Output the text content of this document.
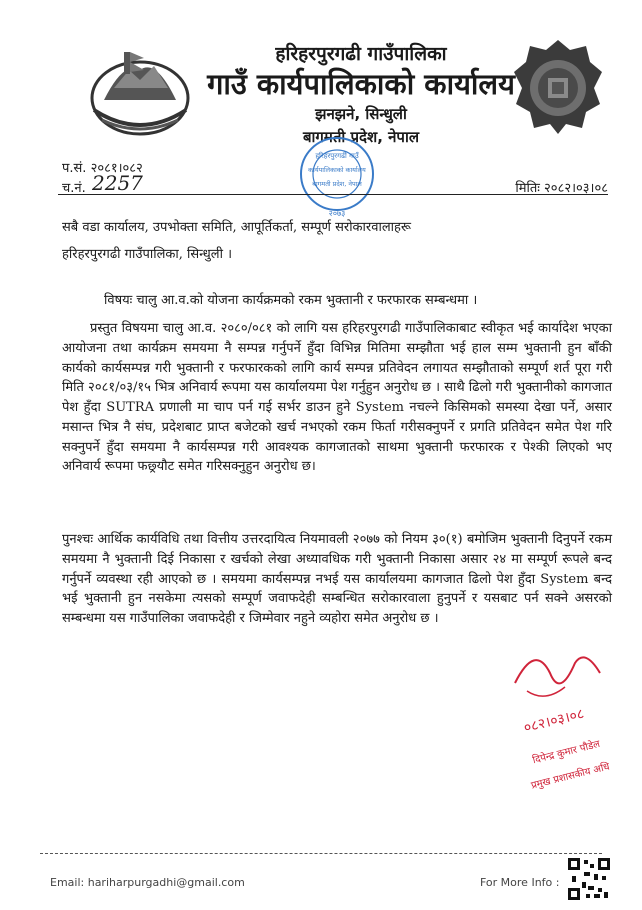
हरिहरपुरगढी गाउँपालिका
गाउँ कार्यपालिकाको कार्यालय
झनझने, सिन्धुली
बागमती प्रदेश, नेपाल
हरिहरपुरगढी गाउँ
कार्यपालिकाको कार्यालय
बागमती प्रदेश, नेपाल
२०७३
प.सं. २०८१।०८२
च.नं. 2257	मितिः २०८२।०३।०८
सबै वडा कार्यालय, उपभोक्ता समिति, आपूर्तिकर्ता, सम्पूर्ण सरोकारवालाहरू
हरिहरपुरगढी गाउँपालिका, सिन्धुली ।
विषयः चालु आ.व.को योजना कार्यक्रमको रकम भुक्तानी र फरफारक सम्बन्धमा ।
प्रस्तुत विषयमा चालु आ.व. २०८०/०८१ को लागि यस हरिहरपुरगढी गाउँपालिकाबाट स्वीकृत भई कार्यादेश भएका आयोजना तथा कार्यक्रम समयमा नै सम्पन्न गर्नुपर्ने हुँदा विभिन्न मितिमा सम्झौता भई हाल सम्म भुक्तानी हुन बाँकी कार्यको कार्यसम्पन्न गरी भुक्तानी र फरफारकको लागि कार्य सम्पन्न प्रतिवेदन लगायत सम्झौताको सम्पूर्ण शर्त पूरा गरी मिति २०८१/०३/१५ भित्र अनिवार्य रूपमा यस कार्यालयमा पेश गर्नुहुन अनुरोध छ । साथै ढिलो गरी भुक्तानीको कागजात पेश हुँदा SUTRA प्रणाली मा चाप पर्न गई सर्भर डाउन हुने System नचल्ने किसिमको समस्या देखा पर्ने, असार मसान्त भित्र नै संघ, प्रदेशबाट प्राप्त बजेटको खर्च नभएको रकम फिर्ता गरीसक्नुपर्ने र प्रगति प्रतिवेदन समेत पेश गरि सक्नुपर्ने हुँदा समयमा नै कार्यसम्पन्न गरी आवश्यक कागजातको साथमा भुक्तानी फरफारक र पेश्की लिएको भए अनिवार्य रूपमा फछ्र्यौट समेत गरिसक्नुहुन अनुरोध छ।
पुनश्चः आर्थिक कार्यविधि तथा वित्तीय उत्तरदायित्व नियमावली २०७७ को नियम ३०(१) बमोजिम भुक्तानी दिनुपर्ने रकम समयमा नै भुक्तानी दिई निकासा र खर्चको लेखा अध्यावधिक गरी भुक्तानी निकासा असार २४ मा सम्पूर्ण रूपले बन्द गर्नुपर्ने व्यवस्था रही आएको छ । समयमा कार्यसम्पन्न नभई यस कार्यालयमा कागजात ढिलो पेश हुँदा System बन्द भई भुक्तानी हुन नसकेमा त्यसको सम्पूर्ण जवाफदेही सम्बन्धित सरोकारवाला हुनुपर्ने र यसबाट पर्न सक्ने असरको सम्बन्धमा यस गाउँपालिका जवाफदेही र जिम्मेवार नहुने व्यहोरा समेत अनुरोध छ ।
०८२।०३।०८
दिपेन्द्र कुमार पौडेल
प्रमुख प्रशासकीय अधि
Email: hariharpurgadhi@gmail.com	For More Info :
